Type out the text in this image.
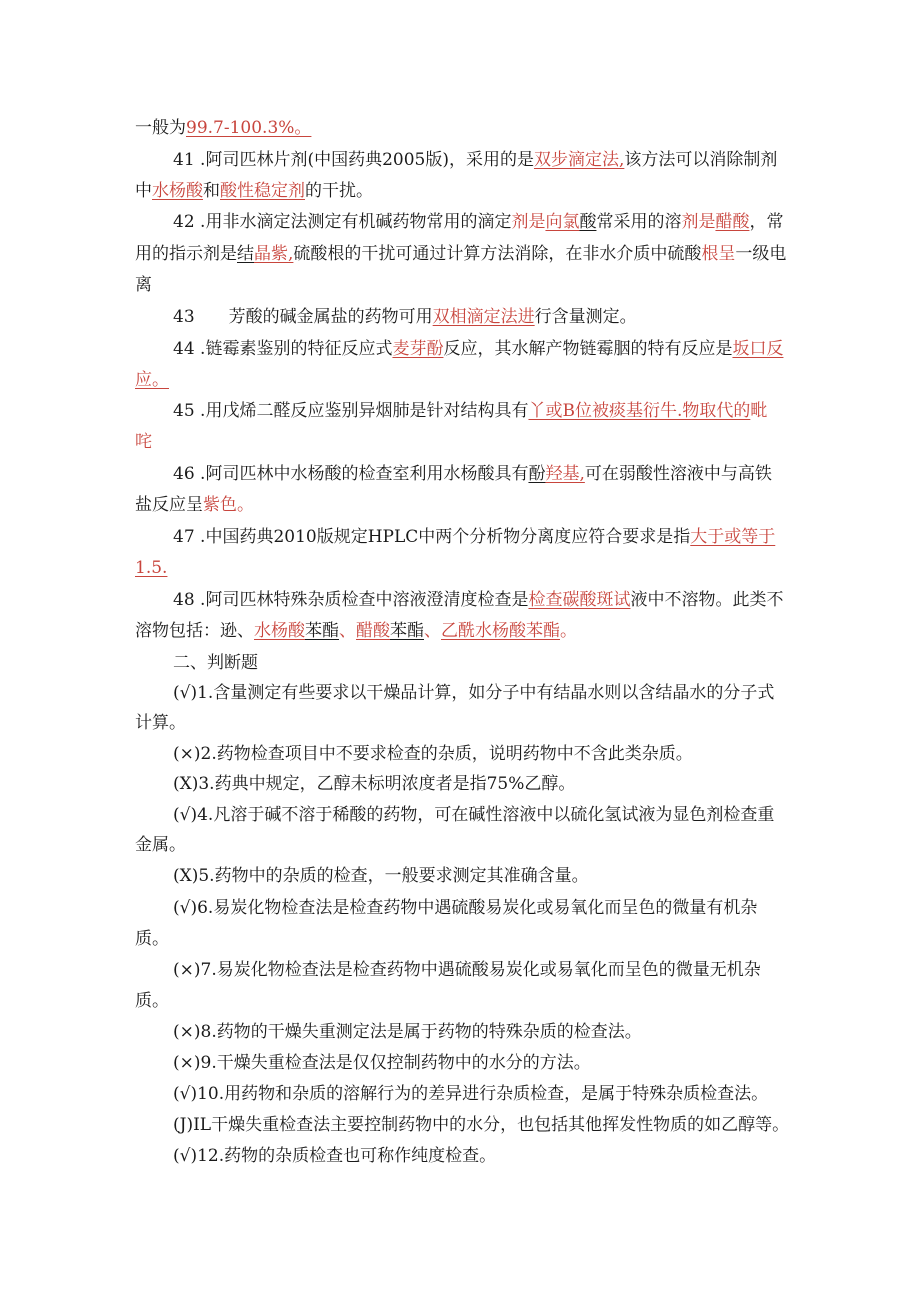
一般为99.7-100.3%。
41 .阿司匹林片剂(中国药典2005版)，采用的是双步滴定法,该方法可以消除制剂
中水杨酸和酸性稳定剂的干扰。
42 .用非水滴定法测定有机碱药物常用的滴定剂是向氯酸常采用的溶剂是醋酸，常
用的指示剂是结晶紫,硫酸根的干扰可通过计算方法消除，在非水介质中硫酸根呈一级电
离
43　　芳酸的碱金属盐的药物可用双相滴定法进行含量测定。
44 .链霉素鉴别的特征反应式麦芽酚反应，其水解产物链霉胭的特有反应是坂口反
应。
45 .用戊烯二醛反应鉴别异烟肺是针对结构具有丫或Β位被痰基衍牛.物取代的毗
咤
46 .阿司匹林中水杨酸的检查室利用水杨酸具有酚羟基,可在弱酸性溶液中与高铁
盐反应呈紫色。
47 .中国药典2010版规定HPLC中两个分析物分离度应符合要求是指大于或等于
1.5.
48 .阿司匹林特殊杂质检查中溶液澄清度检查是检查碳酸斑试液中不溶物。此类不
溶物包括：逊、水杨酸苯酯、醋酸苯酯、乙酰水杨酸苯酯。
二、判断题
(√)1.含量测定有些要求以干燥品计算，如分子中有结晶水则以含结晶水的分子式
计算。
(×)2.药物检查项目中不要求检查的杂质，说明药物中不含此类杂质。
(X)3.药典中规定，乙醇未标明浓度者是指75%乙醇。
(√)4.凡溶于碱不溶于稀酸的药物，可在碱性溶液中以硫化氢试液为显色剂检查重
金属。
(X)5.药物中的杂质的检查，一般要求测定其准确含量。
(√)6.易炭化物检查法是检查药物中遇硫酸易炭化或易氧化而呈色的微量有机杂
质。
(×)7.易炭化物检查法是检查药物中遇硫酸易炭化或易氧化而呈色的微量无机杂
质。
(×)8.药物的干燥失重测定法是属于药物的特殊杂质的检查法。
(×)9.干燥失重检查法是仅仅控制药物中的水分的方法。
(√)10.用药物和杂质的溶解行为的差异进行杂质检查，是属于特殊杂质检查法。
(J)IL干燥失重检查法主要控制药物中的水分，也包括其他挥发性物质的如乙醇等。
(√)12.药物的杂质检查也可称作纯度检查。
